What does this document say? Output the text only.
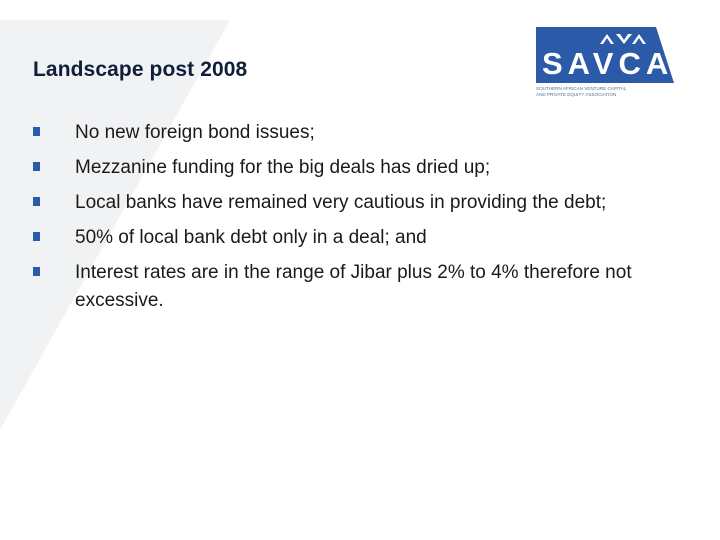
Landscape post 2008	SAVCA
SOUTHERN AFRICAN VENTURE CAPITAL
AND PRIVATE EQUITY ASSOCIATION
No new foreign bond issues;
Mezzanine funding for the big deals has dried up;
Local banks have remained very cautious in providing the debt;
50% of local bank debt only in a deal; and
Interest rates are in the range of Jibar plus 2% to 4% therefore not excessive.
